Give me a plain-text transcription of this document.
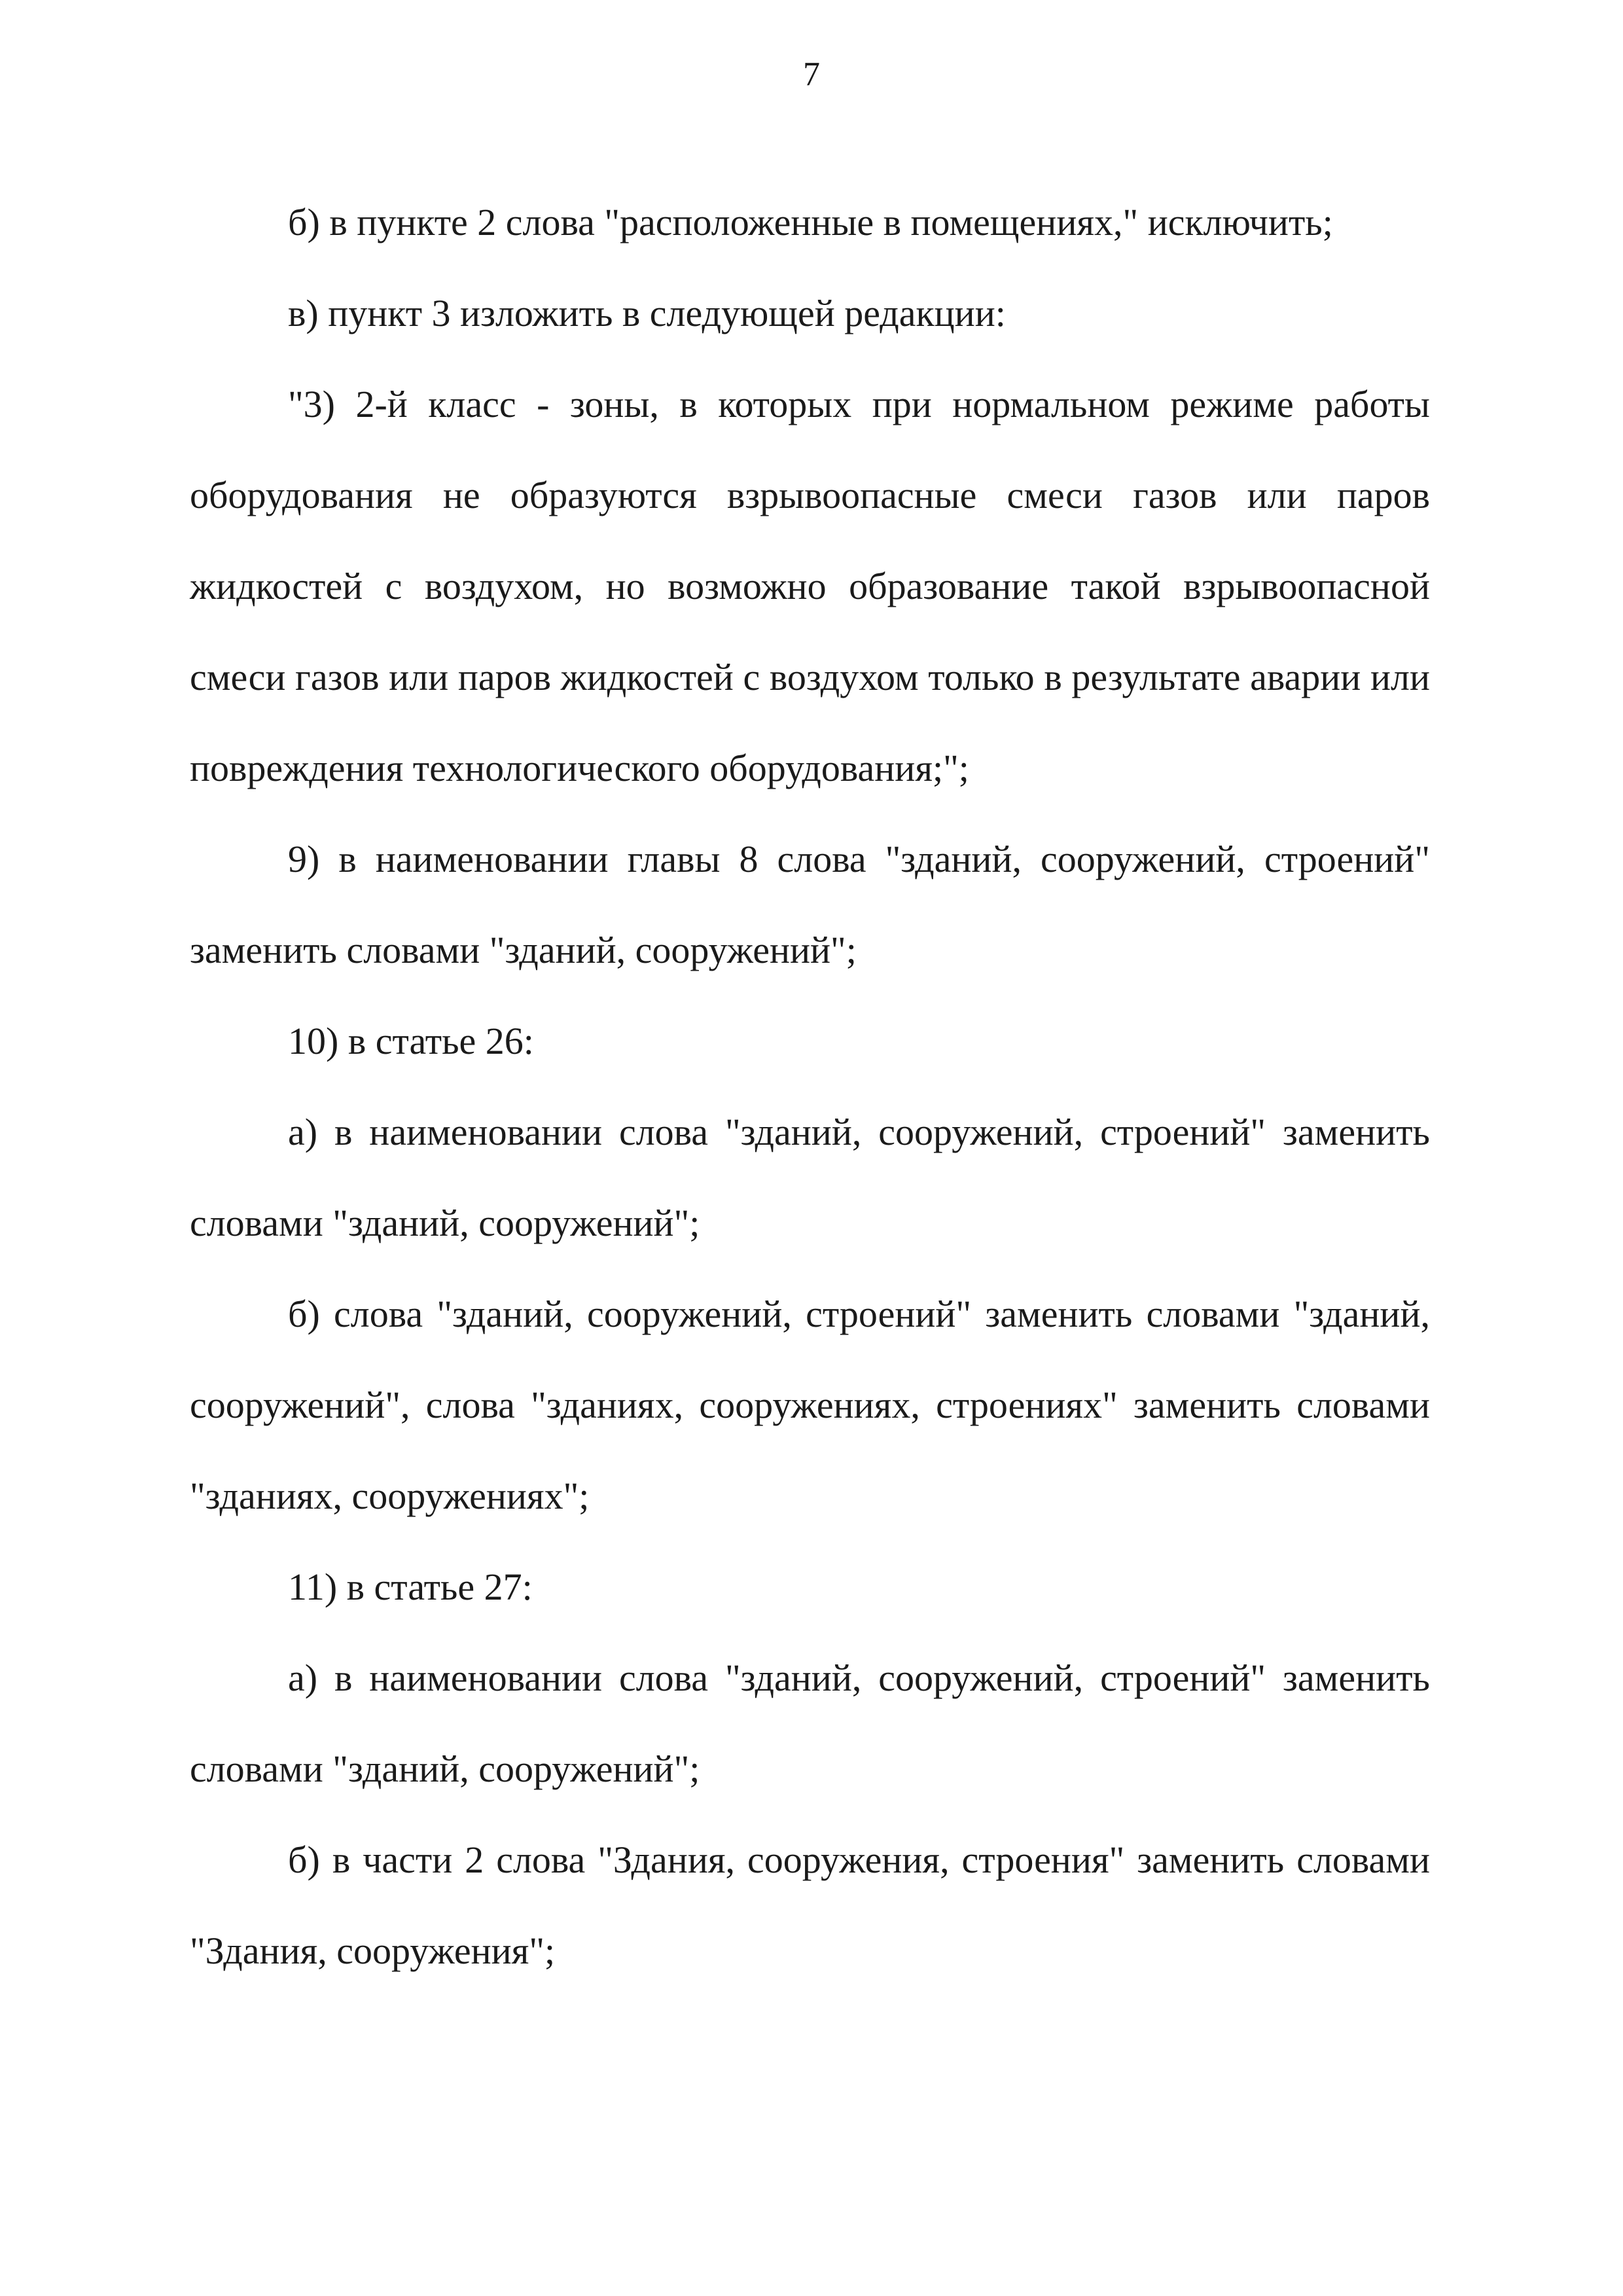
7

б) в пункте 2 слова "расположенные в помещениях," исключить;

в) пункт 3 изложить в следующей редакции:

"3) 2-й класс - зоны, в которых при нормальном режиме работы оборудования не образуются взрывоопасные смеси газов или паров жидкостей с воздухом, но возможно образование такой взрывоопасной смеси газов или паров жидкостей с воздухом только в результате аварии или повреждения технологического оборудования;";

9) в наименовании главы 8 слова "зданий, сооружений, строений" заменить словами "зданий, сооружений";

10) в статье 26:

а) в наименовании слова "зданий, сооружений, строений" заменить словами "зданий, сооружений";

б) слова "зданий, сооружений, строений" заменить словами "зданий, сооружений", слова "зданиях, сооружениях, строениях" заменить словами "зданиях, сооружениях";

11) в статье 27:

а) в наименовании слова "зданий, сооружений, строений" заменить словами "зданий, сооружений";

б) в части 2 слова "Здания, сооружения, строения" заменить словами "Здания, сооружения";
